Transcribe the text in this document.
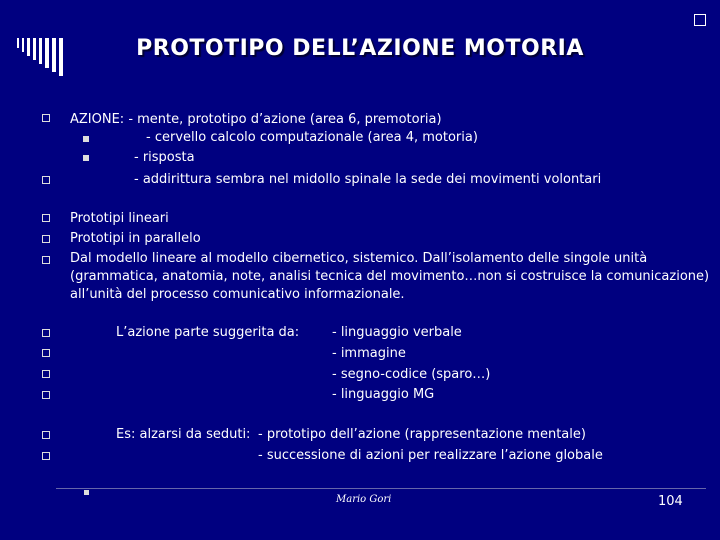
PROTOTIPO DELL’AZIONE MOTORIA
AZIONE: - mente, prototipo d’azione (area 6, premotoria)
- cervello calcolo computazionale (area 4, motoria)
- risposta
- addirittura sembra nel midollo spinale la sede dei movimenti volontari
Prototipi lineari
Prototipi in parallelo
Dal modello lineare al modello cibernetico, sistemico. Dall’isolamento delle singole unità
(grammatica, anatomia, note, analisi tecnica del movimento…non si costruisce la comunicazione)
all’unità del processo comunicativo informazionale.
L’azione parte suggerita da:	- linguaggio verbale
- immagine
- segno-codice (sparo…)
- linguaggio MG
Es: alzarsi da seduti: - prototipo dell’azione (rappresentazione mentale)
- successione di azioni per realizzare l’azione globale
Mario Gori	104
